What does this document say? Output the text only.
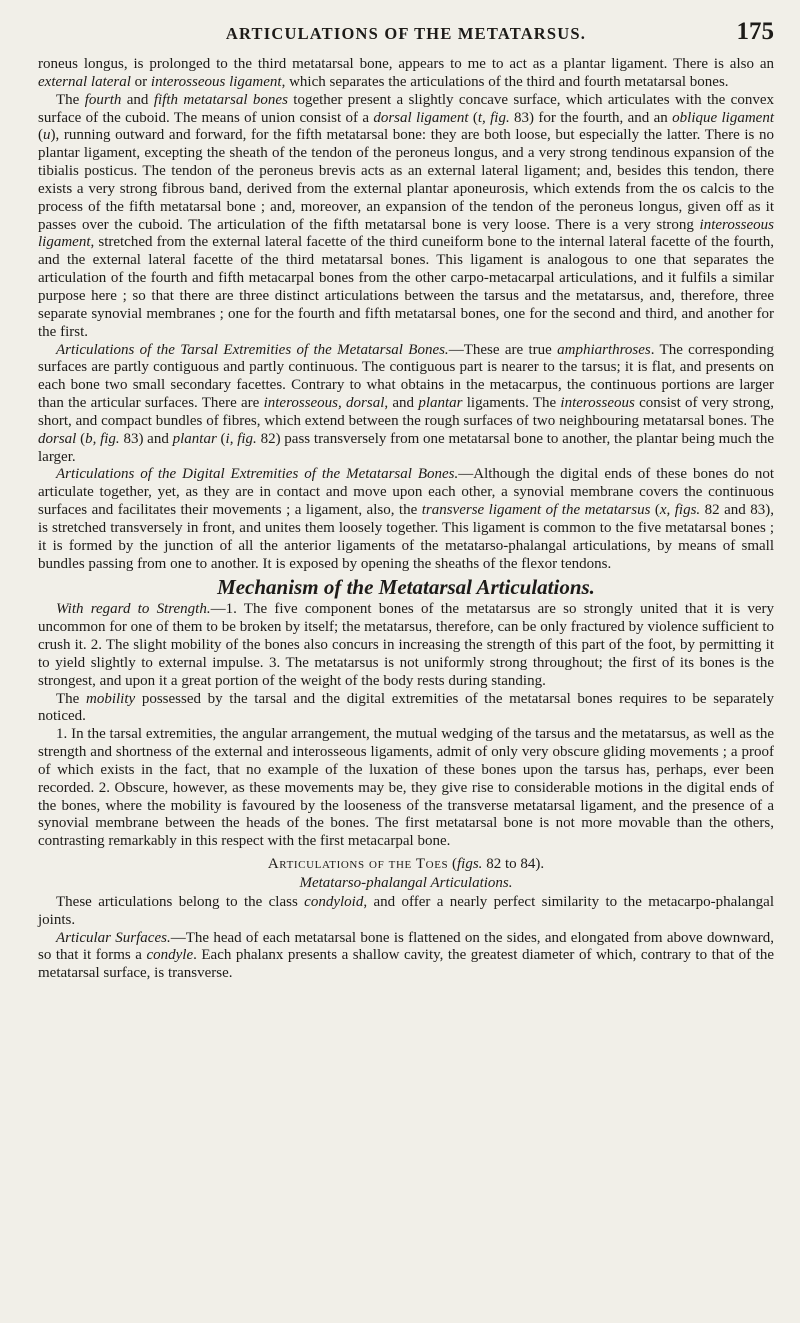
ARTICULATIONS OF THE METATARSUS.	175

roneus longus, is prolonged to the third metatarsal bone, appears to me to act as a plantar ligament. There is also an external lateral or interosseous ligament, which separates the articulations of the third and fourth metatarsal bones.

The fourth and fifth metatarsal bones together present a slightly concave surface, which articulates with the convex surface of the cuboid. The means of union consist of a dorsal ligament (t, fig. 83) for the fourth, and an oblique ligament (u), running outward and forward, for the fifth metatarsal bone: they are both loose, but especially the latter. There is no plantar ligament, excepting the sheath of the tendon of the peroneus longus, and a very strong tendinous expansion of the tibialis posticus. The tendon of the peroneus brevis acts as an external lateral ligament; and, besides this tendon, there exists a very strong fibrous band, derived from the external plantar aponeurosis, which extends from the os calcis to the process of the fifth metatarsal bone ; and, moreover, an expansion of the tendon of the peroneus longus, given off as it passes over the cuboid. The articulation of the fifth metatarsal bone is very loose. There is a very strong interosseous ligament, stretched from the external lateral facette of the third cuneiform bone to the internal lateral facette of the fourth, and the external lateral facette of the third metatarsal bones. This ligament is analogous to one that separates the articulation of the fourth and fifth metacarpal bones from the other carpo-metacarpal articulations, and it fulfils a similar purpose here ; so that there are three distinct articulations between the tarsus and the metatarsus, and, therefore, three separate synovial membranes ; one for the fourth and fifth metatarsal bones, one for the second and third, and another for the first.

Articulations of the Tarsal Extremities of the Metatarsal Bones.—These are true amphiarthroses. The corresponding surfaces are partly contiguous and partly continuous. The contiguous part is nearer to the tarsus; it is flat, and presents on each bone two small secondary facettes. Contrary to what obtains in the metacarpus, the continuous portions are larger than the articular surfaces. There are interosseous, dorsal, and plantar ligaments. The interosseous consist of very strong, short, and compact bundles of fibres, which extend between the rough surfaces of two neighbouring metatarsal bones. The dorsal (b, fig. 83) and plantar (i, fig. 82) pass transversely from one metatarsal bone to another, the plantar being much the larger.

Articulations of the Digital Extremities of the Metatarsal Bones.—Although the digital ends of these bones do not articulate together, yet, as they are in contact and move upon each other, a synovial membrane covers the continuous surfaces and facilitates their movements ; a ligament, also, the transverse ligament of the metatarsus (x, figs. 82 and 83), is stretched transversely in front, and unites them loosely together. This ligament is common to the five metatarsal bones ; it is formed by the junction of all the anterior ligaments of the metatarso-phalangal articulations, by means of small bundles passing from one to another. It is exposed by opening the sheaths of the flexor tendons.

Mechanism of the Metatarsal Articulations.

With regard to Strength.—1. The five component bones of the metatarsus are so strongly united that it is very uncommon for one of them to be broken by itself; the metatarsus, therefore, can be only fractured by violence sufficient to crush it. 2. The slight mobility of the bones also concurs in increasing the strength of this part of the foot, by permitting it to yield slightly to external impulse. 3. The metatarsus is not uniformly strong throughout; the first of its bones is the strongest, and upon it a great portion of the weight of the body rests during standing.

The mobility possessed by the tarsal and the digital extremities of the metatarsal bones requires to be separately noticed.

1. In the tarsal extremities, the angular arrangement, the mutual wedging of the tarsus and the metatarsus, as well as the strength and shortness of the external and interosseous ligaments, admit of only very obscure gliding movements ; a proof of which exists in the fact, that no example of the luxation of these bones upon the tarsus has, perhaps, ever been recorded. 2. Obscure, however, as these movements may be, they give rise to considerable motions in the digital ends of the bones, where the mobility is favoured by the looseness of the transverse metatarsal ligament, and the presence of a synovial membrane between the heads of the bones. The first metatarsal bone is not more movable than the others, contrasting remarkably in this respect with the first metacarpal bone.

Articulations of the Toes (figs. 82 to 84).
Metatarso-phalangal Articulations.

These articulations belong to the class condyloid, and offer a nearly perfect similarity to the metacarpo-phalangal joints.

Articular Surfaces.—The head of each metatarsal bone is flattened on the sides, and elongated from above downward, so that it forms a condyle. Each phalanx presents a shallow cavity, the greatest diameter of which, contrary to that of the metatarsal surface, is transverse.
